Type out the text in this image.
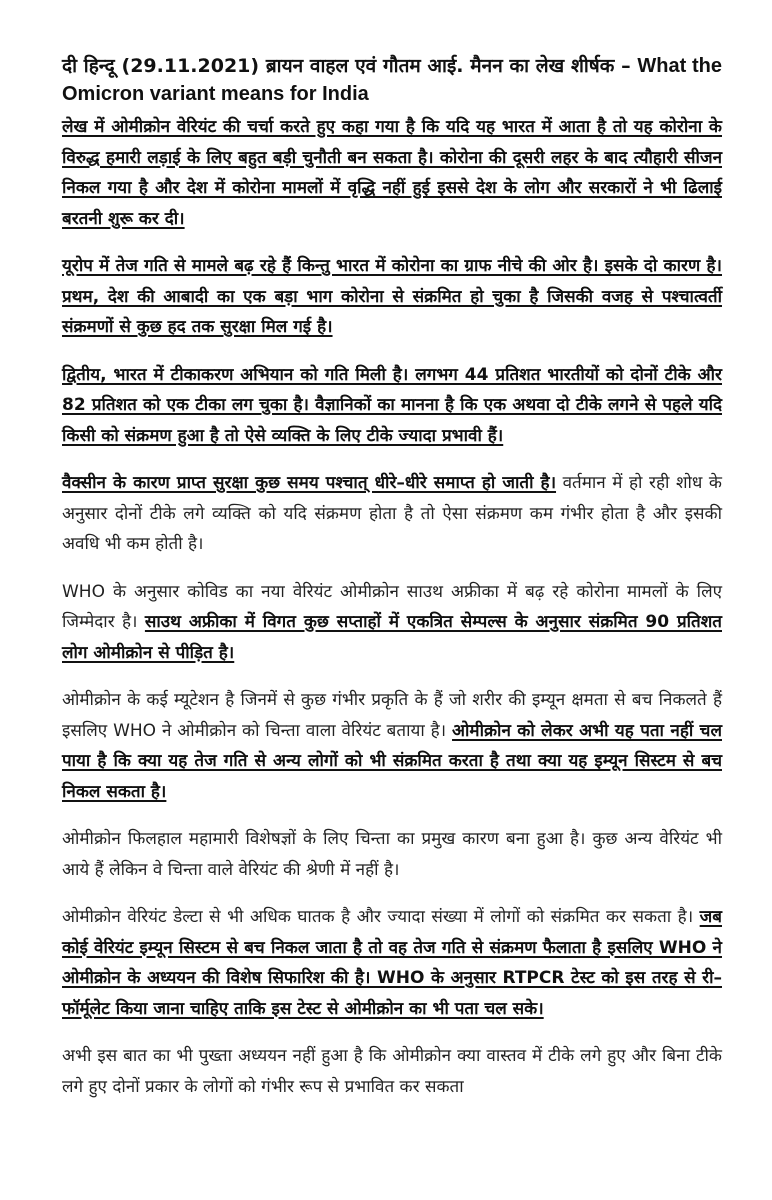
दी हिन्दू (29.11.2021) ब्रायन वाहल एवं गौतम आई. मैनन का लेख शीर्षक – What the Omicron variant means for India

लेख में ओमीक्रोन वेरियंट की चर्चा करते हुए कहा गया है कि यदि यह भारत में आता है तो यह कोरोना के विरुद्ध हमारी लड़ाई के लिए बहुत बड़ी चुनौती बन सकता है। कोरोना की दूसरी लहर के बाद त्यौहारी सीजन निकल गया है और देश में कोरोना मामलों में वृद्धि नहीं हुई इससे देश के लोग और सरकारों ने भी ढिलाई बरतनी शुरू कर दी।

यूरोप में तेज गति से मामले बढ़ रहे हैं किन्तु भारत में कोरोना का ग्राफ नीचे की ओर है। इसके दो कारण है। प्रथम, देश की आबादी का एक बड़ा भाग कोरोना से संक्रमित हो चुका है जिसकी वजह से पश्चात्वर्ती संक्रमणों से कुछ हद तक सुरक्षा मिल गई है।

द्वितीय, भारत में टीकाकरण अभियान को गति मिली है। लगभग 44 प्रतिशत भारतीयों को दोनों टीके और 82 प्रतिशत को एक टीका लग चुका है। वैज्ञानिकों का मानना है कि एक अथवा दो टीके लगने से पहले यदि किसी को संक्रमण हुआ है तो ऐसे व्यक्ति के लिए टीके ज्यादा प्रभावी हैं।

वैक्सीन के कारण प्राप्त सुरक्षा कुछ समय पश्चात् धीरे–धीरे समाप्त हो जाती है। वर्तमान में हो रही शोध के अनुसार दोनों टीके लगे व्यक्ति को यदि संक्रमण होता है तो ऐसा संक्रमण कम गंभीर होता है और इसकी अवधि भी कम होती है।

WHO के अनुसार कोविड का नया वेरियंट ओमीक्रोन साउथ अफ्रीका में बढ़ रहे कोरोना मामलों के लिए जिम्मेदार है। साउथ अफ्रीका में विगत कुछ सप्ताहों में एकत्रित सेम्पल्स के अनुसार संक्रमित 90 प्रतिशत लोग ओमीक्रोन से पीड़ित है।

ओमीक्रोन के कई म्यूटेशन है जिनमें से कुछ गंभीर प्रकृति के हैं जो शरीर की इम्यून क्षमता से बच निकलते हैं इसलिए WHO ने ओमीक्रोन को चिन्ता वाला वेरियंट बताया है। ओमीक्रोन को लेकर अभी यह पता नहीं चल पाया है कि क्या यह तेज गति से अन्य लोगों को भी संक्रमित करता है तथा क्या यह इम्यून सिस्टम से बच निकल सकता है।

ओमीक्रोन फिलहाल महामारी विशेषज्ञों के लिए चिन्ता का प्रमुख कारण बना हुआ है। कुछ अन्य वेरियंट भी आये हैं लेकिन वे चिन्ता वाले वेरियंट की श्रेणी में नहीं है।

ओमीक्रोन वेरियंट डेल्टा से भी अधिक घातक है और ज्यादा संख्या में लोगों को संक्रमित कर सकता है। जब कोई वेरियंट इम्यून सिस्टम से बच निकल जाता है तो वह तेज गति से संक्रमण फैलाता है इसलिए WHO ने ओमीक्रोन के अध्ययन की विशेष सिफारिश की है। WHO के अनुसार RTPCR टेस्ट को इस तरह से री–फॉर्मूलेट किया जाना चाहिए ताकि इस टेस्ट से ओमीक्रोन का भी पता चल सके।

अभी इस बात का भी पुख्ता अध्ययन नहीं हुआ है कि ओमीक्रोन क्या वास्तव में टीके लगे हुए और बिना टीके लगे हुए दोनों प्रकार के लोगों को गंभीर रूप से प्रभावित कर सकता
